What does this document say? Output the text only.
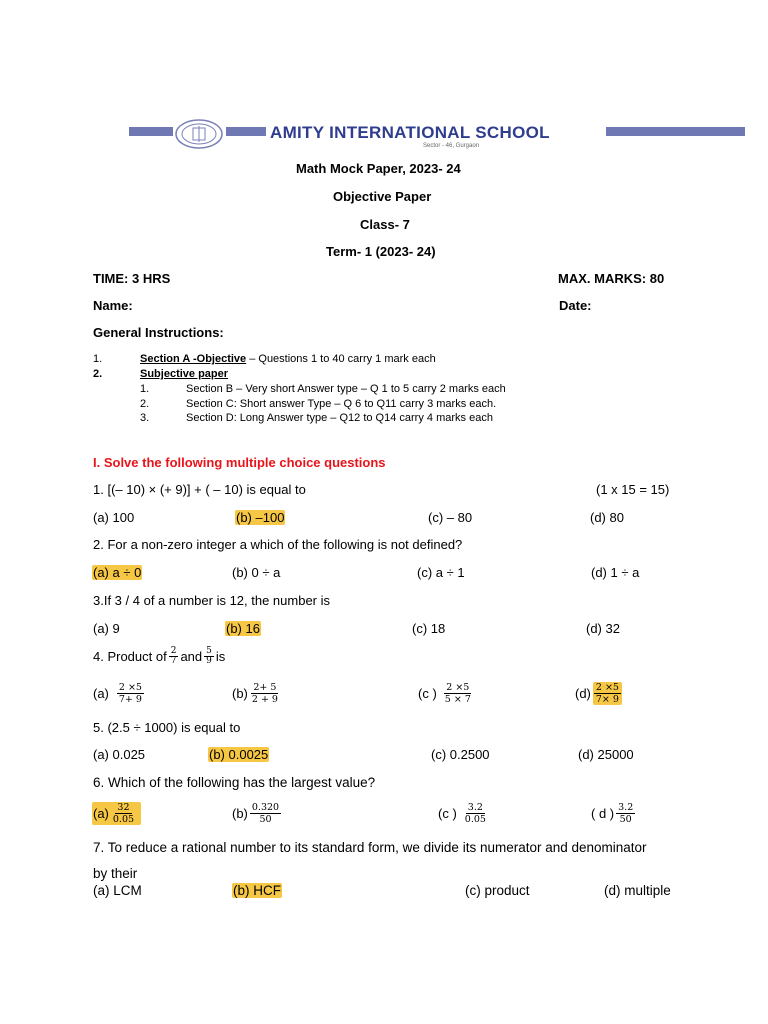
AMITY INTERNATIONAL SCHOOL
Sector - 46, Gurgaon
Math Mock Paper, 2023- 24
Objective Paper
Class- 7
Term- 1 (2023- 24)
TIME: 3 HRS	MAX. MARKS: 80
Name:	Date:
General Instructions:
1.	Section A -Objective – Questions 1 to 40 carry 1 mark each
2.	Subjective paper
1.	Section B – Very short Answer type – Q 1 to 5 carry 2 marks each
2.	Section C: Short answer Type – Q 6 to Q11 carry 3 marks each.
3.	Section D: Long Answer type – Q12 to Q14 carry 4 marks each
I. Solve the following multiple choice questions
1. [(– 10) × (+ 9)] + ( – 10) is equal to	(1 x 15 = 15)
(a) 100	(b) –100	(c) – 80	(d) 80
2. For a non-zero integer a which of the following is not defined?
(a) a ÷ 0	(b) 0 ÷ a	(c) a ÷ 1	(d) 1 ÷ a
3.If 3 / 4 of a number is 12, the number is
(a) 9	(b) 16	(c) 18	(d) 32
4. Product of $\frac{2}{7}$ and $\frac{5}{9}$ is
$(a) \frac{2 \times 5}{7+ 9}$	$(b) \frac{2+ 5}{2 + 9}$	(c ) $\frac{2 \times 5}{5 \times 7}$	$(d) \frac{2 \times 5}{7\times 9}$
5. (2.5 ÷ 1000) is equal to
(a) 0.025	(b) 0.0025	(c) 0.2500	(d) 25000
6. Which of the following has the largest value?
$(a) \frac{32}{0.05}$	$(b) \frac{0.320}{50}$	(c ) $\frac{3.2}{0.05}$	( d ) $\frac{3.2}{50}$
7. To reduce a rational number to its standard form, we divide its numerator and denominator
by their
(a) LCM	(b) HCF	(c) product	(d) multiple
